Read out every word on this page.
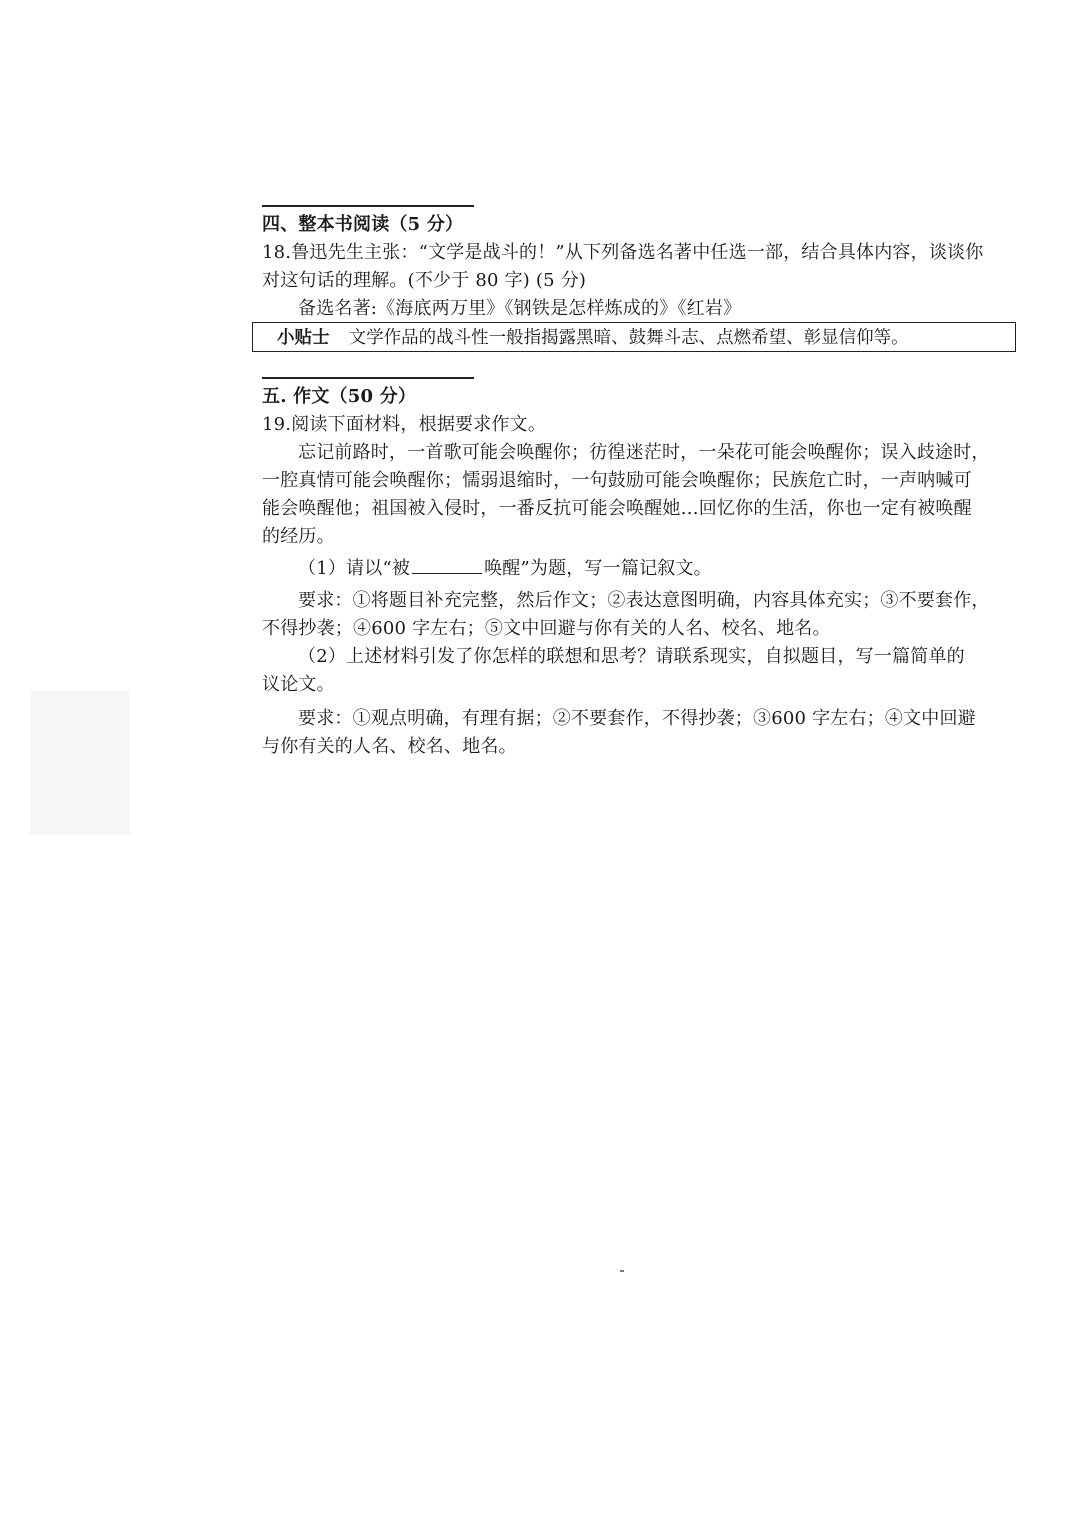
四、整本书阅读（5 分）
18.鲁迅先生主张：“文学是战斗的！”从下列备选名著中任选一部，结合具体内容，谈谈你
对这句话的理解。(不少于 80 字) (5 分)
备选名著:《海底两万里》《钢铁是怎样炼成的》《红岩》
小贴士 文学作品的战斗性一般指揭露黑暗、鼓舞斗志、点燃希望、彰显信仰等。
五. 作文（50 分）
19.阅读下面材料，根据要求作文。
忘记前路时，一首歌可能会唤醒你；彷徨迷茫时，一朵花可能会唤醒你；误入歧途时，
一腔真情可能会唤醒你；懦弱退缩时，一句鼓励可能会唤醒你；民族危亡时，一声呐喊可
能会唤醒他；祖国被入侵时，一番反抗可能会唤醒她…回忆你的生活，你也一定有被唤醒
的经历。
（1）请以“被	唤醒”为题，写一篇记叙文。
要求：①将题目补充完整，然后作文；②表达意图明确，内容具体充实；③不要套作，
不得抄袭；④600 字左右；⑤文中回避与你有关的人名、校名、地名。
（2）上述材料引发了你怎样的联想和思考？请联系现实，自拟题目，写一篇简单的
议论文。
要求：①观点明确，有理有据；②不要套作，不得抄袭；③600 字左右；④文中回避
与你有关的人名、校名、地名。
